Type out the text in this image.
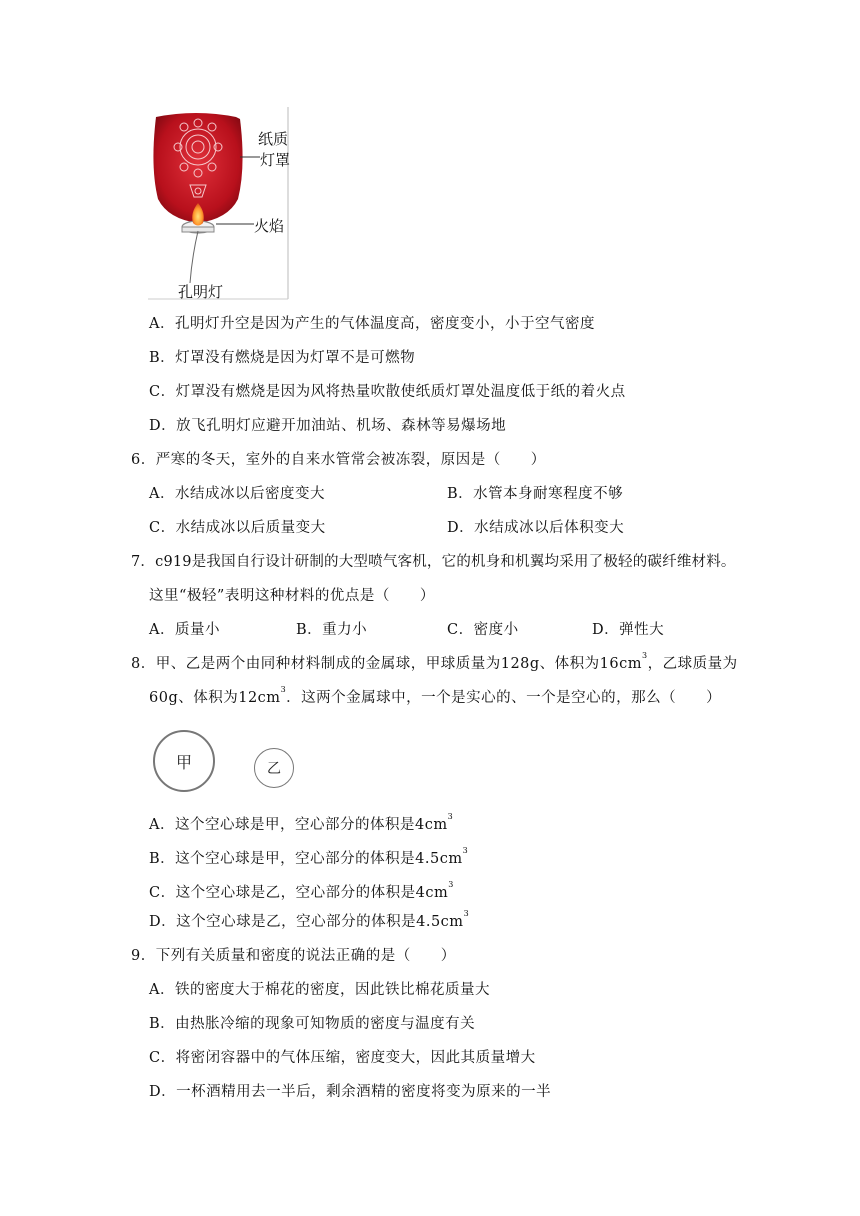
纸质
灯罩
火焰
孔明灯
A．孔明灯升空是因为产生的气体温度高，密度变小，小于空气密度
B．灯罩没有燃烧是因为灯罩不是可燃物
C．灯罩没有燃烧是因为风将热量吹散使纸质灯罩处温度低于纸的着火点
D．放飞孔明灯应避开加油站、机场、森林等易爆场地
6．严寒的冬天，室外的自来水管常会被冻裂，原因是（　　）
A．水结成冰以后密度变大	B．水管本身耐寒程度不够
C．水结成冰以后质量变大	D．水结成冰以后体积变大
7．c919是我国自行设计研制的大型喷气客机，它的机身和机翼均采用了极轻的碳纤维材料。
这里“极轻”表明这种材料的优点是（　　）
A．质量小	B．重力小	C．密度小	D．弹性大
8．甲、乙是两个由同种材料制成的金属球，甲球质量为128g、体积为$16cm^3$，乙球质量为
60g、体积为$12cm^3$．这两个金属球中，一个是实心的、一个是空心的，那么（　　）
甲	乙
A．这个空心球是甲，空心部分的体积是$4cm^3$
B．这个空心球是甲，空心部分的体积是$4.5cm^3$
C．这个空心球是乙，空心部分的体积是$4cm^3$
D．这个空心球是乙，空心部分的体积是$4.5cm^3$
9．下列有关质量和密度的说法正确的是（　　）
A．铁的密度大于棉花的密度，因此铁比棉花质量大
B．由热胀冷缩的现象可知物质的密度与温度有关
C．将密闭容器中的气体压缩，密度变大，因此其质量增大
D．一杯酒精用去一半后，剩余酒精的密度将变为原来的一半
